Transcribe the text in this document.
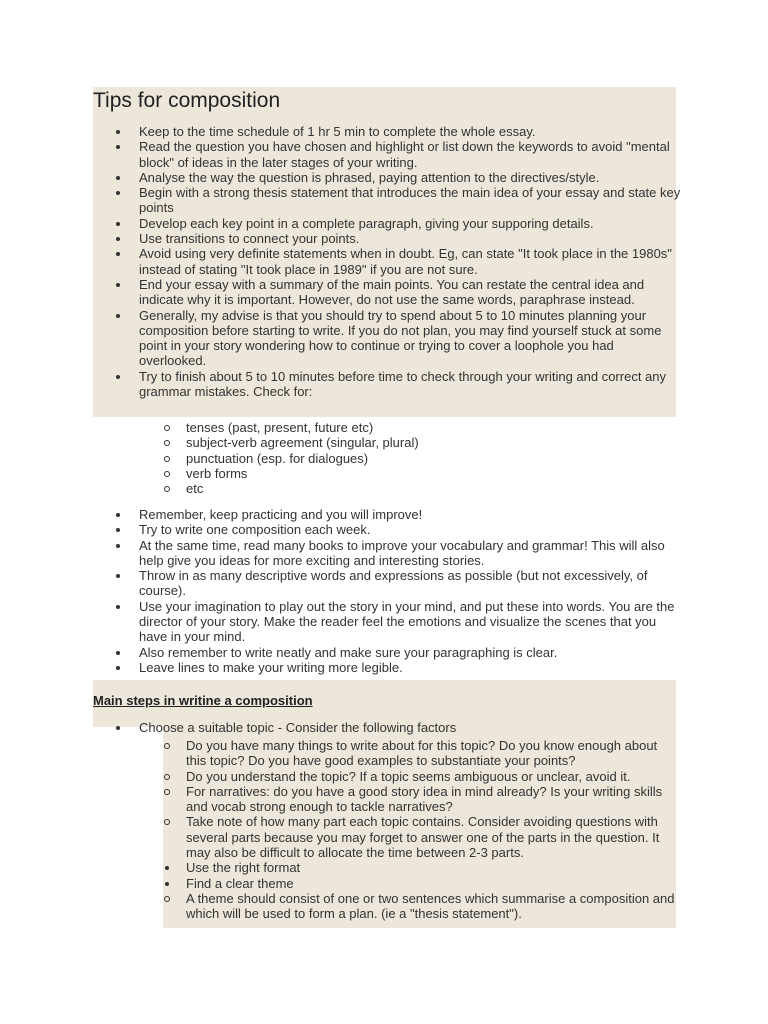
Tips for composition
Keep to the time schedule of 1 hr 5 min to complete the whole essay.
Read the question you have chosen and highlight or list down the keywords to avoid "mental block" of ideas in the later stages of your writing.
Analyse the way the question is phrased, paying attention to the directives/style.
Begin with a strong thesis statement that introduces the main idea of your essay and state key points
Develop each key point in a complete paragraph, giving your supporing details.
Use transitions to connect your points.
Avoid using very definite statements when in doubt. Eg, can state "It took place in the 1980s" instead of stating "It took place in 1989" if you are not sure.
End your essay with a summary of the main points. You can restate the central idea and indicate why it is important. However, do not use the same words, paraphrase instead.
Generally, my advise is that you should try to spend about 5 to 10 minutes planning your composition before starting to write. If you do not plan, you may find yourself stuck at some point in your story wondering how to continue or trying to cover a loophole you had overlooked.
Try to finish about 5 to 10 minutes before time to check through your writing and correct any grammar mistakes. Check for:
tenses (past, present, future etc)
subject-verb agreement (singular, plural)
punctuation (esp. for dialogues)
verb forms
etc
Remember, keep practicing and you will improve!
Try to write one composition each week.
At the same time, read many books to improve your vocabulary and grammar! This will also help give you ideas for more exciting and interesting stories.
Throw in as many descriptive words and expressions as possible (but not excessively, of course).
Use your imagination to play out the story in your mind, and put these into words. You are the director of your story. Make the reader feel the emotions and visualize the scenes that you have in your mind.
Also remember to write neatly and make sure your paragraphing is clear.
Leave lines to make your writing more legible.
Main steps in writine a composition
Choose a suitable topic - Consider the following factors
Do you have many things to write about for this topic? Do you know enough about this topic? Do you have good examples to substantiate your points?
Do you understand the topic? If a topic seems ambiguous or unclear, avoid it.
For narratives: do you have a good story idea in mind already? Is your writing skills and vocab strong enough to tackle narratives?
Take note of how many part each topic contains. Consider avoiding questions with several parts because you may forget to answer one of the parts in the question. It may also be difficult to allocate the time between 2-3 parts.
Use the right format
Find a clear theme
A theme should consist of one or two sentences which summarise a composition and which will be used to form a plan. (ie a "thesis statement").
